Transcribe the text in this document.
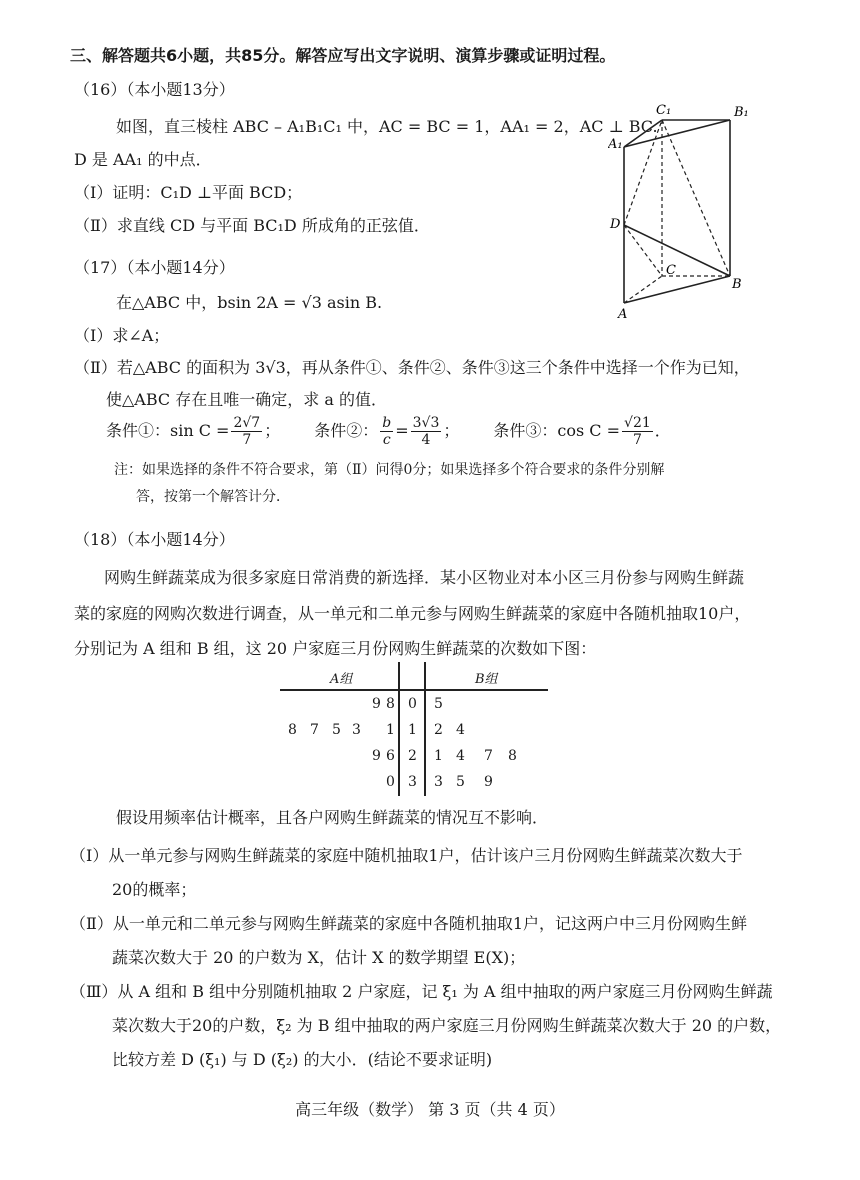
三、解答题共6小题，共85分。解答应写出文字说明、演算步骤或证明过程。
（16）（本小题13分）
如图，直三棱柱 ABC – A₁B₁C₁ 中，AC = BC = 1，AA₁ = 2，AC ⊥ BC.
D 是 AA₁ 的中点．
（Ⅰ）证明：C₁D ⊥平面 BCD；
（Ⅱ）求直线 CD 与平面 BC₁D 所成角的正弦值．
C₁	B₁
A₁
D
C
B
A
（17）（本小题14分）
在△ABC 中，bsin 2A = √3 asin B.
（Ⅰ）求∠A；
（Ⅱ）若△ABC 的面积为 3√3，再从条件①、条件②、条件③这三个条件中选择一个作为已知，
使△ABC 存在且唯一确定，求 a 的值．
条件①：$\sin C = \frac{2√7}{7}$ ； 条件②： $\frac{b}{c} = \frac{3√3}{4}$ ； 条件③：$\cos C = \frac{√21}{7}$ ．
注：如果选择的条件不符合要求，第（Ⅱ）问得0分；如果选择多个符合要求的条件分别解
答，按第一个解答计分．
（18）（本小题14分）
网购生鲜蔬菜成为很多家庭日常消费的新选择．某小区物业对本小区三月份参与网购生鲜蔬
菜的家庭的网购次数进行调查，从一单元和二单元参与网购生鲜蔬菜的家庭中各随机抽取10户，
分别记为 A 组和 B 组，这 20 户家庭三月份网购生鲜蔬菜的次数如下图：
A组	B组
9 8 0 5
8 7 5 3 1 1 2 4
9 6 2 1 4 7 8
0 3 3 5 9
假设用频率估计概率，且各户网购生鲜蔬菜的情况互不影响．
（Ⅰ）从一单元参与网购生鲜蔬菜的家庭中随机抽取1户，估计该户三月份网购生鲜蔬菜次数大于
20的概率；
（Ⅱ）从一单元和二单元参与网购生鲜蔬菜的家庭中各随机抽取1户，记这两户中三月份网购生鲜
蔬菜次数大于 20 的户数为 X，估计 X 的数学期望 E(X)；
（Ⅲ）从 A 组和 B 组中分别随机抽取 2 户家庭，记 ξ₁ 为 A 组中抽取的两户家庭三月份网购生鲜蔬
菜次数大于20的户数，ξ₂ 为 B 组中抽取的两户家庭三月份网购生鲜蔬菜次数大于 20 的户数，
比较方差 D (ξ₁) 与 D (ξ₂) 的大小．(结论不要求证明)
高三年级（数学） 第 3 页（共 4 页）
